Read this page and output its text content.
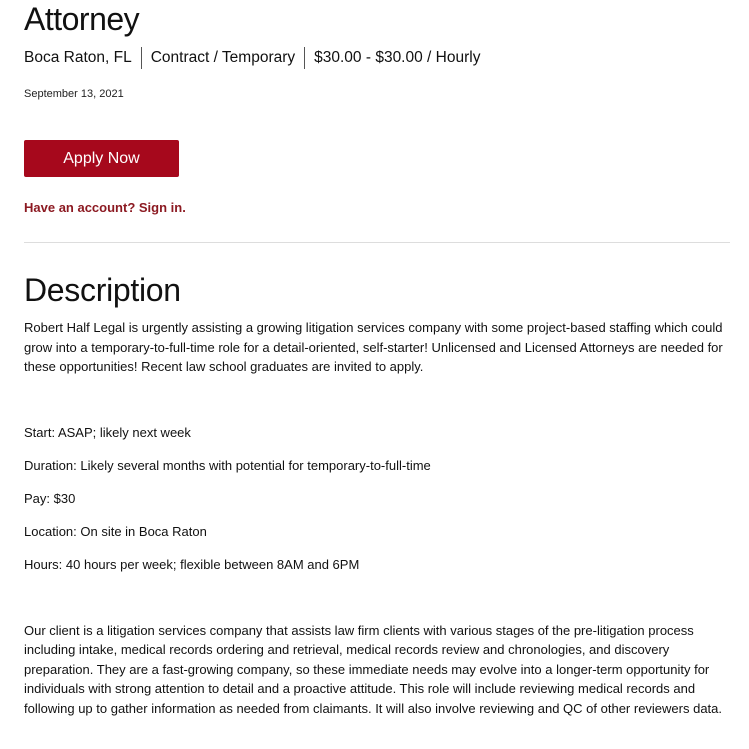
Attorney
Boca Raton, FL Contract / Temporary $30.00 - $30.00 / Hourly
September 13, 2021
Apply Now
Have an account? Sign in.
Description

Robert Half Legal is urgently assisting a growing litigation services company with some project-based staffing which could grow into a temporary-to-full-time role for a detail-oriented, self-starter! Unlicensed and Licensed Attorneys are needed for these opportunities! Recent law school graduates are invited to apply.

Start: ASAP; likely next week

Duration: Likely several months with potential for temporary-to-full-time

Pay: $30

Location: On site in Boca Raton

Hours: 40 hours per week; flexible between 8AM and 6PM

Our client is a litigation services company that assists law firm clients with various stages of the pre-litigation process including intake, medical records ordering and retrieval, medical records review and chronologies, and discovery preparation. They are a fast-growing company, so these immediate needs may evolve into a longer-term opportunity for individuals with strong attention to detail and a proactive attitude. This role will include reviewing medical records and following up to gather information as needed from claimants. It will also involve reviewing and QC of other reviewers data.
